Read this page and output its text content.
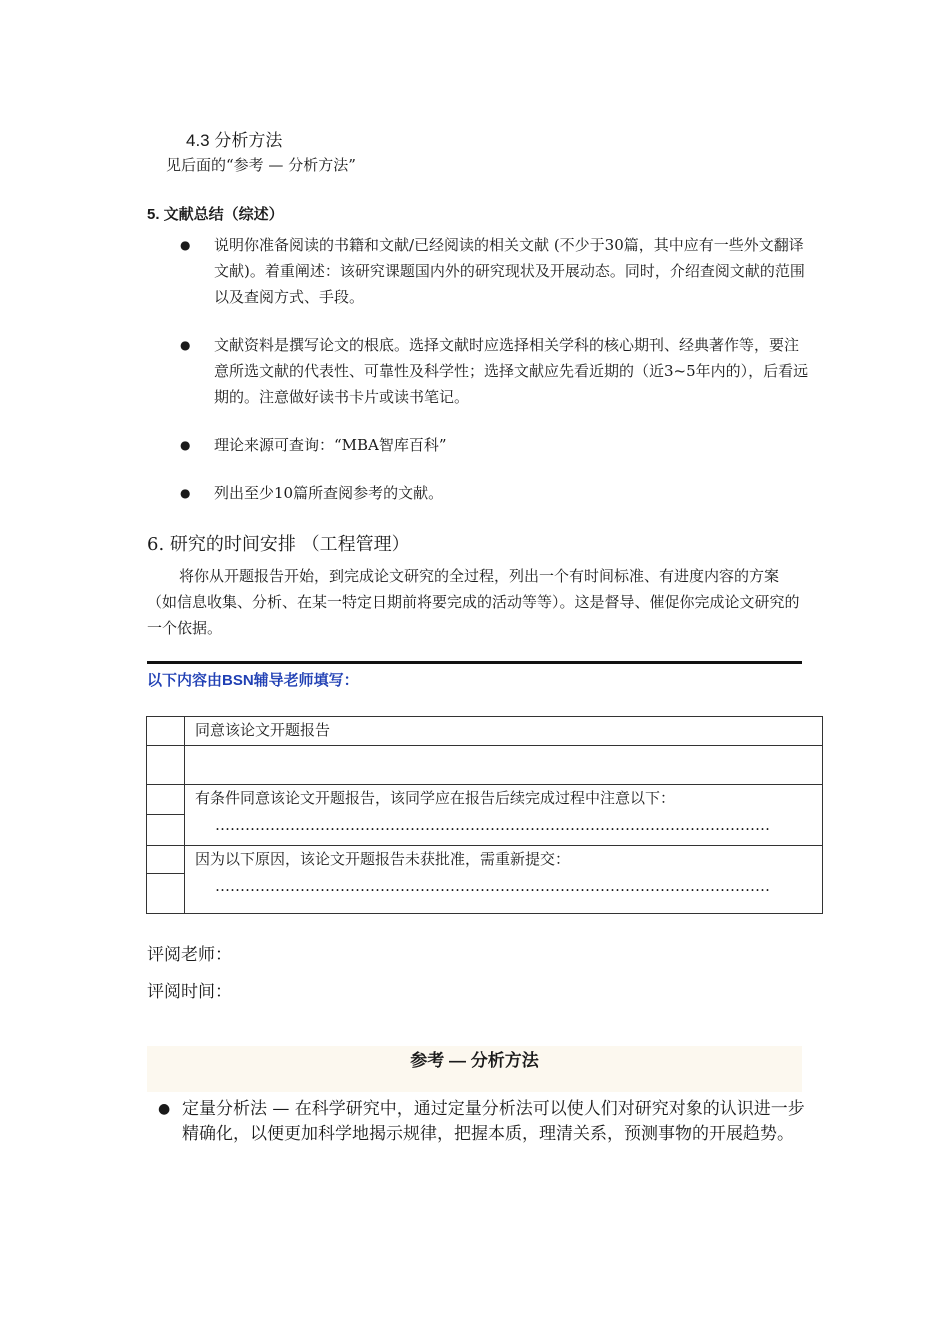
4.3 分析方法
见后面的“参考 — 分析方法”
5. 文献总结（综述）
● 说明你准备阅读的书籍和文献/已经阅读的相关文献 (不少于30篇，其中应有一些外文翻译文献)。着重阐述：该研究课题国内外的研究现状及开展动态。同时，介绍查阅文献的范围以及查阅方式、手段。
● 文献资料是撰写论文的根底。选择文献时应选择相关学科的核心期刊、经典著作等，要注意所选文献的代表性、可靠性及科学性；选择文献应先看近期的（近3~5年内的），后看远期的。注意做好读书卡片或读书笔记。
● 理论来源可查询：“MBA智库百科”
● 列出至少10篇所查阅参考的文献。
6. 研究的时间安排 （工程管理）
将你从开题报告开始，到完成论文研究的全过程，列出一个有时间标准、有进度内容的方案（如信息收集、分析、在某一特定日期前将要完成的活动等等）。这是督导、催促你完成论文研究的一个依据。
以下内容由BSN辅导老师填写：

	同意该论文开题报告

	有条件同意该论文开题报告，该同学应在报告后续完成过程中注意以下：
…………………………………………………………………………………………………

	因为以下原因，该论文开题报告未获批准，需重新提交：
…………………………………………………………………………………………………

评阅老师：
评阅时间：
参考 — 分析方法
● 定量分析法 — 在科学研究中，通过定量分析法可以使人们对研究对象的认识进一步精确化，以便更加科学地揭示规律，把握本质，理清关系，预测事物的开展趋势。
